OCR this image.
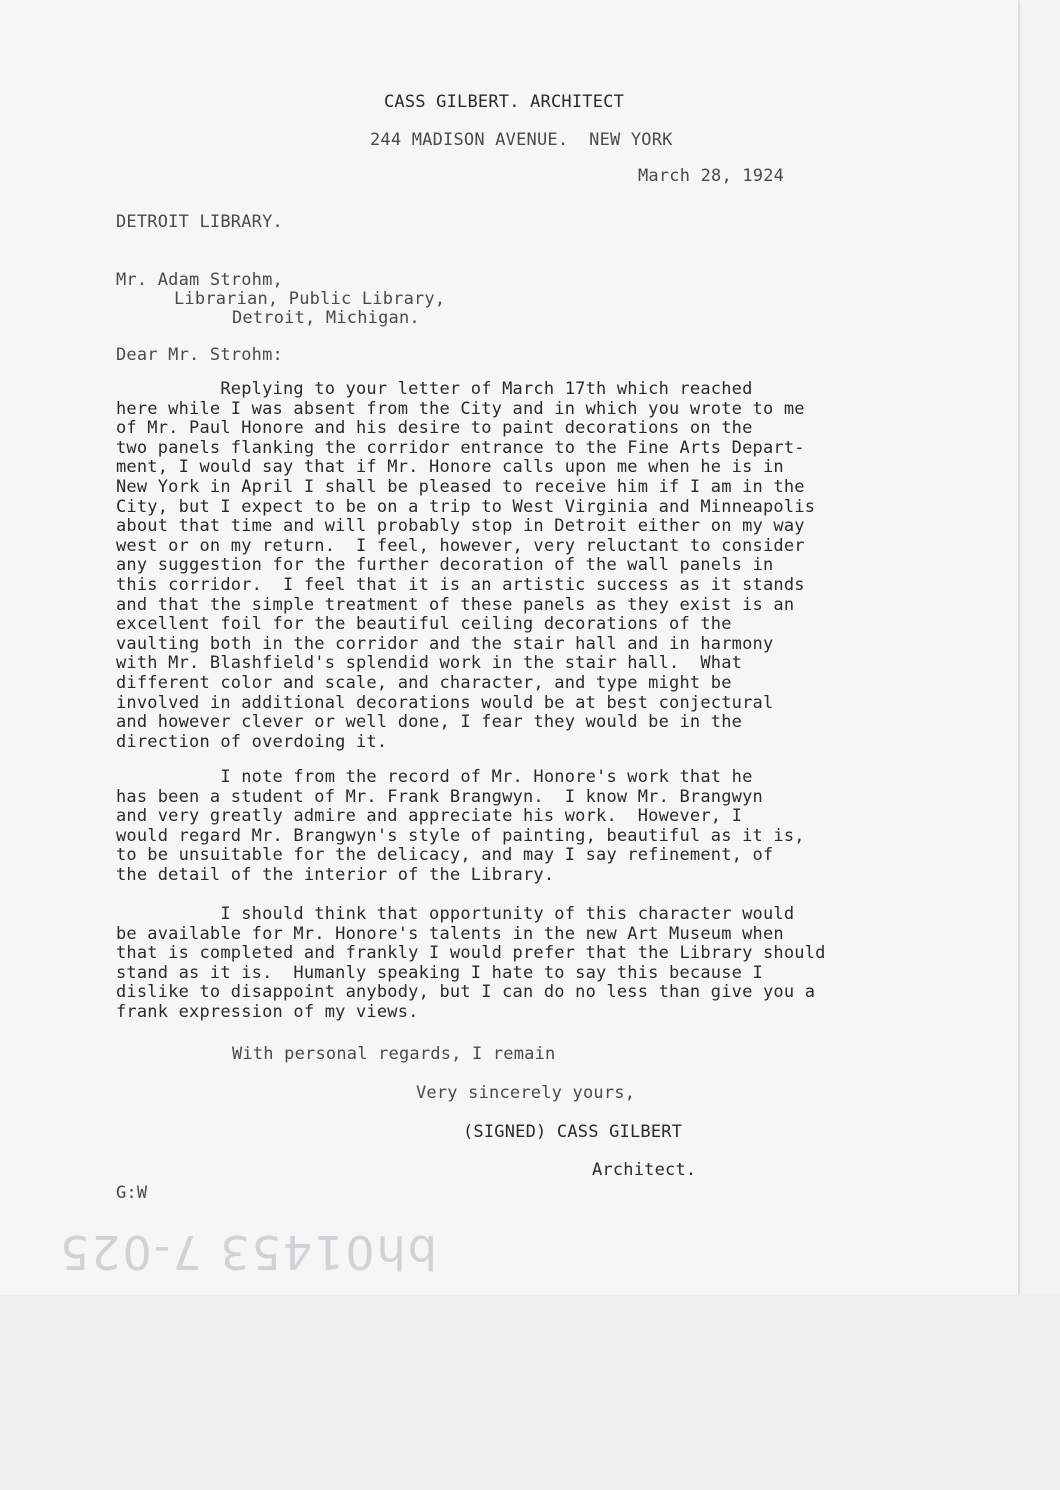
CASS GILBERT. ARCHITECT

244 MADISON AVENUE.  NEW YORK

March 28, 1924

DETROIT LIBRARY.

Mr. Adam Strohm,

Librarian, Public Library,

Detroit, Michigan.

Dear Mr. Strohm:

Replying to your letter of March 17th which reached
here while I was absent from the City and in which you wrote to me
of Mr. Paul Honore and his desire to paint decorations on the
two panels flanking the corridor entrance to the Fine Arts Depart-
ment, I would say that if Mr. Honore calls upon me when he is in
New York in April I shall be pleased to receive him if I am in the
City, but I expect to be on a trip to West Virginia and Minneapolis
about that time and will probably stop in Detroit either on my way
west or on my return.  I feel, however, very reluctant to consider
any suggestion for the further decoration of the wall panels in
this corridor.  I feel that it is an artistic success as it stands
and that the simple treatment of these panels as they exist is an
excellent foil for the beautiful ceiling decorations of the
vaulting both in the corridor and the stair hall and in harmony
with Mr. Blashfield's splendid work in the stair hall.  What
different color and scale, and character, and type might be
involved in additional decorations would be at best conjectural
and however clever or well done, I fear they would be in the
direction of overdoing it.

I note from the record of Mr. Honore's work that he
has been a student of Mr. Frank Brangwyn.  I know Mr. Brangwyn
and very greatly admire and appreciate his work.  However, I
would regard Mr. Brangwyn's style of painting, beautiful as it is,
to be unsuitable for the delicacy, and may I say refinement, of
the detail of the interior of the Library.

I should think that opportunity of this character would
be available for Mr. Honore's talents in the new Art Museum when
that is completed and frankly I would prefer that the Library should
stand as it is.  Humanly speaking I hate to say this because I
dislike to disappoint anybody, but I can do no less than give you a
frank expression of my views.

With personal regards, I remain

Very sincerely yours,

(SIGNED) CASS GILBERT

Architect.

G:W

bh01453 7-025
